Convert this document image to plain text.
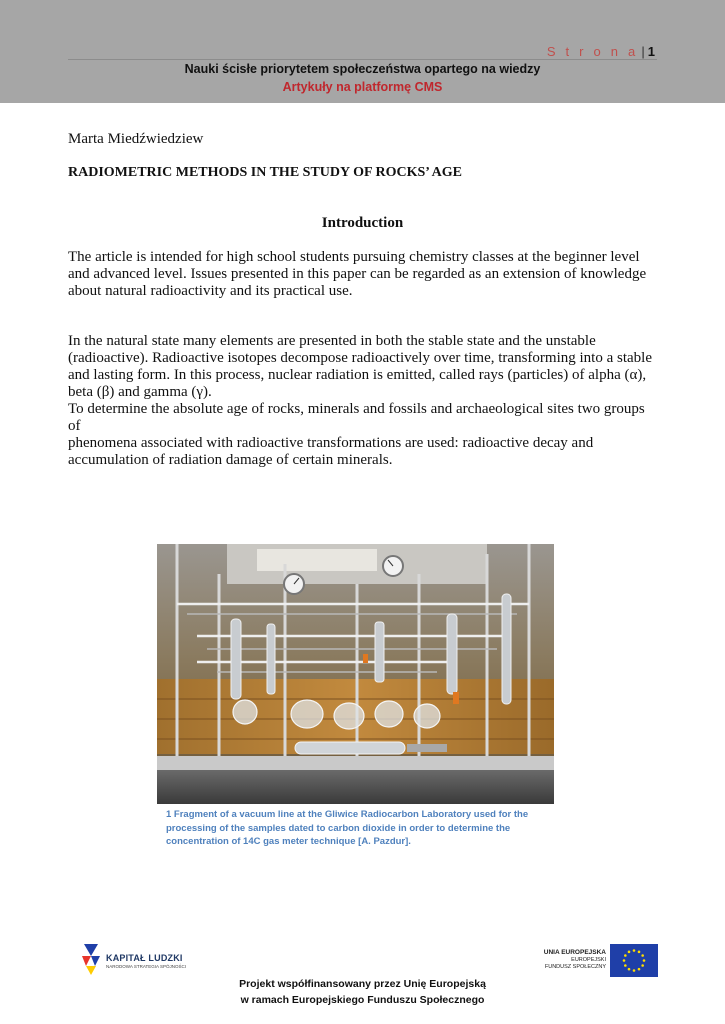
S t r o n a | 1
Nauki ścisłe priorytetem społeczeństwa opartego na wiedzy
Artykuły na platformę CMS
Marta Miedźwiedziew
RADIOMETRIC METHODS IN THE STUDY OF ROCKS’ AGE
Introduction
The article is intended for high school students pursuing chemistry classes at the beginner level and advanced level. Issues presented in this paper can be regarded as an extension of knowledge about natural radioactivity and its practical use.
In the natural state many elements are presented in both the stable state and the unstable
(radioactive). Radioactive isotopes decompose radioactively over time, transforming into a stable
and lasting form. In this process, nuclear radiation is emitted, called rays (particles) of alpha (α),
beta (β) and gamma (γ).
To determine the absolute age of rocks, minerals and fossils and archaeological sites two groups of
phenomena associated with radioactive transformations are used: radioactive decay and
accumulation of radiation damage of certain minerals.
1 Fragment of a vacuum line at the Gliwice Radiocarbon Laboratory used for the
processing of the samples dated to carbon dioxide in order to determine the
concentration of 14C gas meter technique [A. Pazdur].
KAPITAŁ LUDZKI
NARODOWA STRATEGIA SPÓJNOŚCI
UNIA EUROPEJSKA
EUROPEJSKI
FUNDUSZ SPOŁECZNY
Projekt współfinansowany przez Unię Europejską
w ramach Europejskiego Funduszu Społecznego
